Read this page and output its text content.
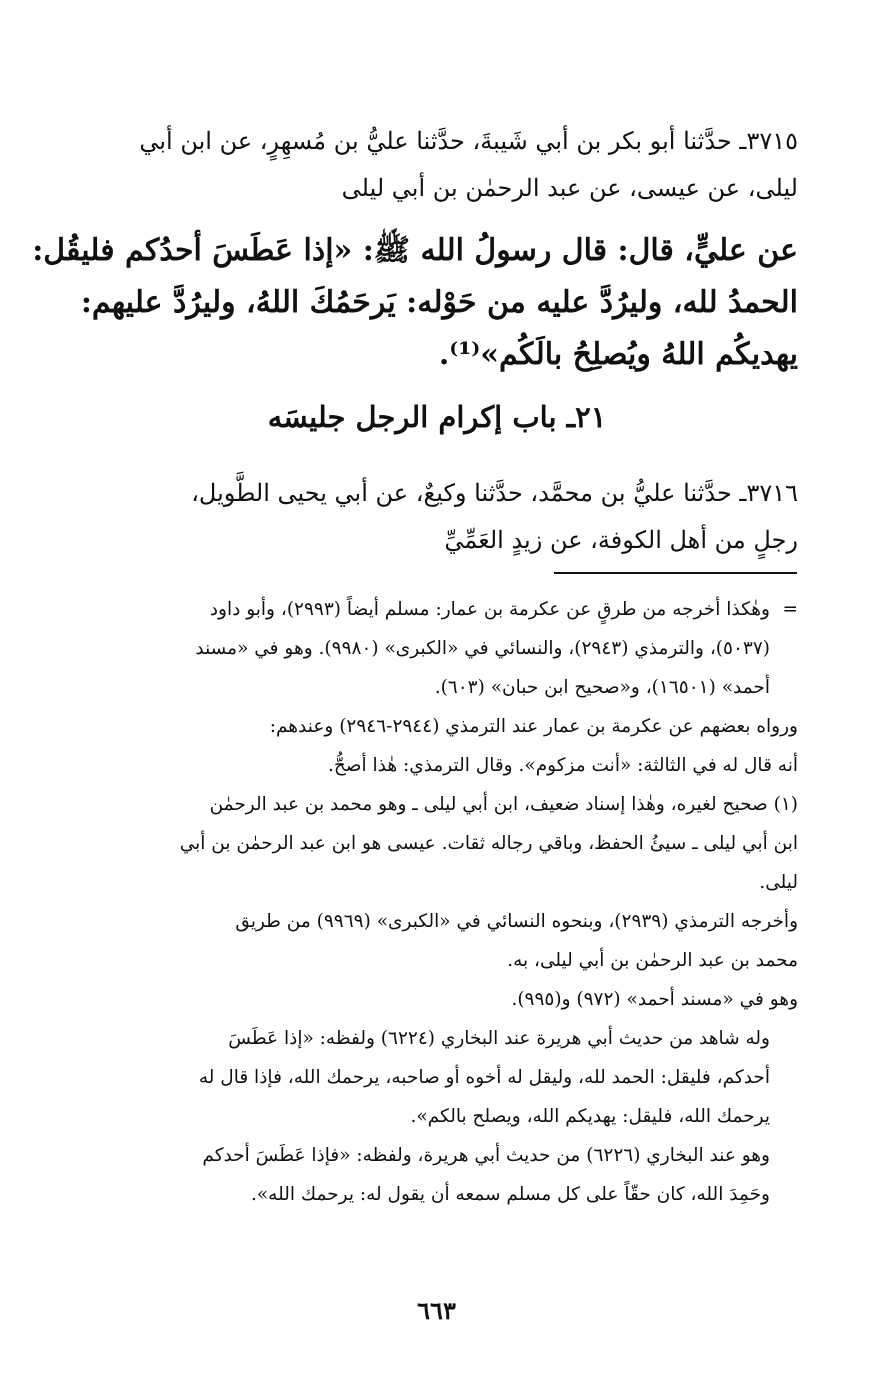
٣٧١٥ـ حدَّثنا أبو بكر بن أبي شَيبةَ، حدَّثنا عليُّ بن مُسهِرٍ، عن ابن أبي
ليلى، عن عيسى، عن عبد الرحمٰن بن أبي ليلى
عن عليٍّ، قال: قال رسولُ الله ﷺ: «إذا عَطَسَ أحدُكم فليقُل:
الحمدُ لله، وليرُدَّ عليه من حَوْله: يَرحَمُكَ اللهُ، وليرُدَّ عليهم:
يهديكُم اللهُ ويُصلِحُ بالَكُم»⁽¹⁾.
٢١ـ باب إكرام الرجل جليسَه
٣٧١٦ـ حدَّثنا عليُّ بن محمَّد، حدَّثنا وكيعٌ، عن أبي يحيى الطَّويل،
رجلٍ من أهل الكوفة، عن زيدٍ العَمِّيِّ
=
وهٰكذا أخرجه من طرقٍ عن عكرمة بن عمار: مسلم أيضاً (٢٩٩٣)، وأبو داود
(٥٠٣٧)، والترمذي (٢٩٤٣)، والنسائي في «الكبرى» (٩٩٨٠). وهو في «مسند
أحمد» (١٦٥٠١)، و«صحيح ابن حبان» (٦٠٣).
ورواه بعضهم عن عكرمة بن عمار عند الترمذي (٢٩٤٤-٢٩٤٦) وعندهم:
أنه قال له في الثالثة: «أنت مزكوم». وقال الترمذي: هٰذا أصحُّ.
(١) صحيح لغيره، وهٰذا إسناد ضعيف، ابن أبي ليلى ـ وهو محمد بن عبد الرحمٰن
ابن أبي ليلى ـ سيئُ الحفظ، وباقي رجاله ثقات. عيسى هو ابن عبد الرحمٰن بن أبي
ليلى.
وأخرجه الترمذي (٢٩٣٩)، وبنحوه النسائي في «الكبرى» (٩٩٦٩) من طريق
محمد بن عبد الرحمٰن بن أبي ليلى، به.
وهو في «مسند أحمد» (٩٧٢) و(٩٩٥).
وله شاهد من حديث أبي هريرة عند البخاري (٦٢٢٤) ولفظه: «إذا عَطَسَ
أحدكم، فليقل: الحمد لله، وليقل له أخوه أو صاحبه، يرحمك الله، فإذا قال له
يرحمك الله، فليقل: يهديكم الله، ويصلح بالكم».
وهو عند البخاري (٦٢٢٦) من حديث أبي هريرة، ولفظه: «فإذا عَطَسَ أحدكم
وحَمِدَ الله، كان حقّاً على كل مسلم سمعه أن يقول له: يرحمك الله».
٦٦٣
